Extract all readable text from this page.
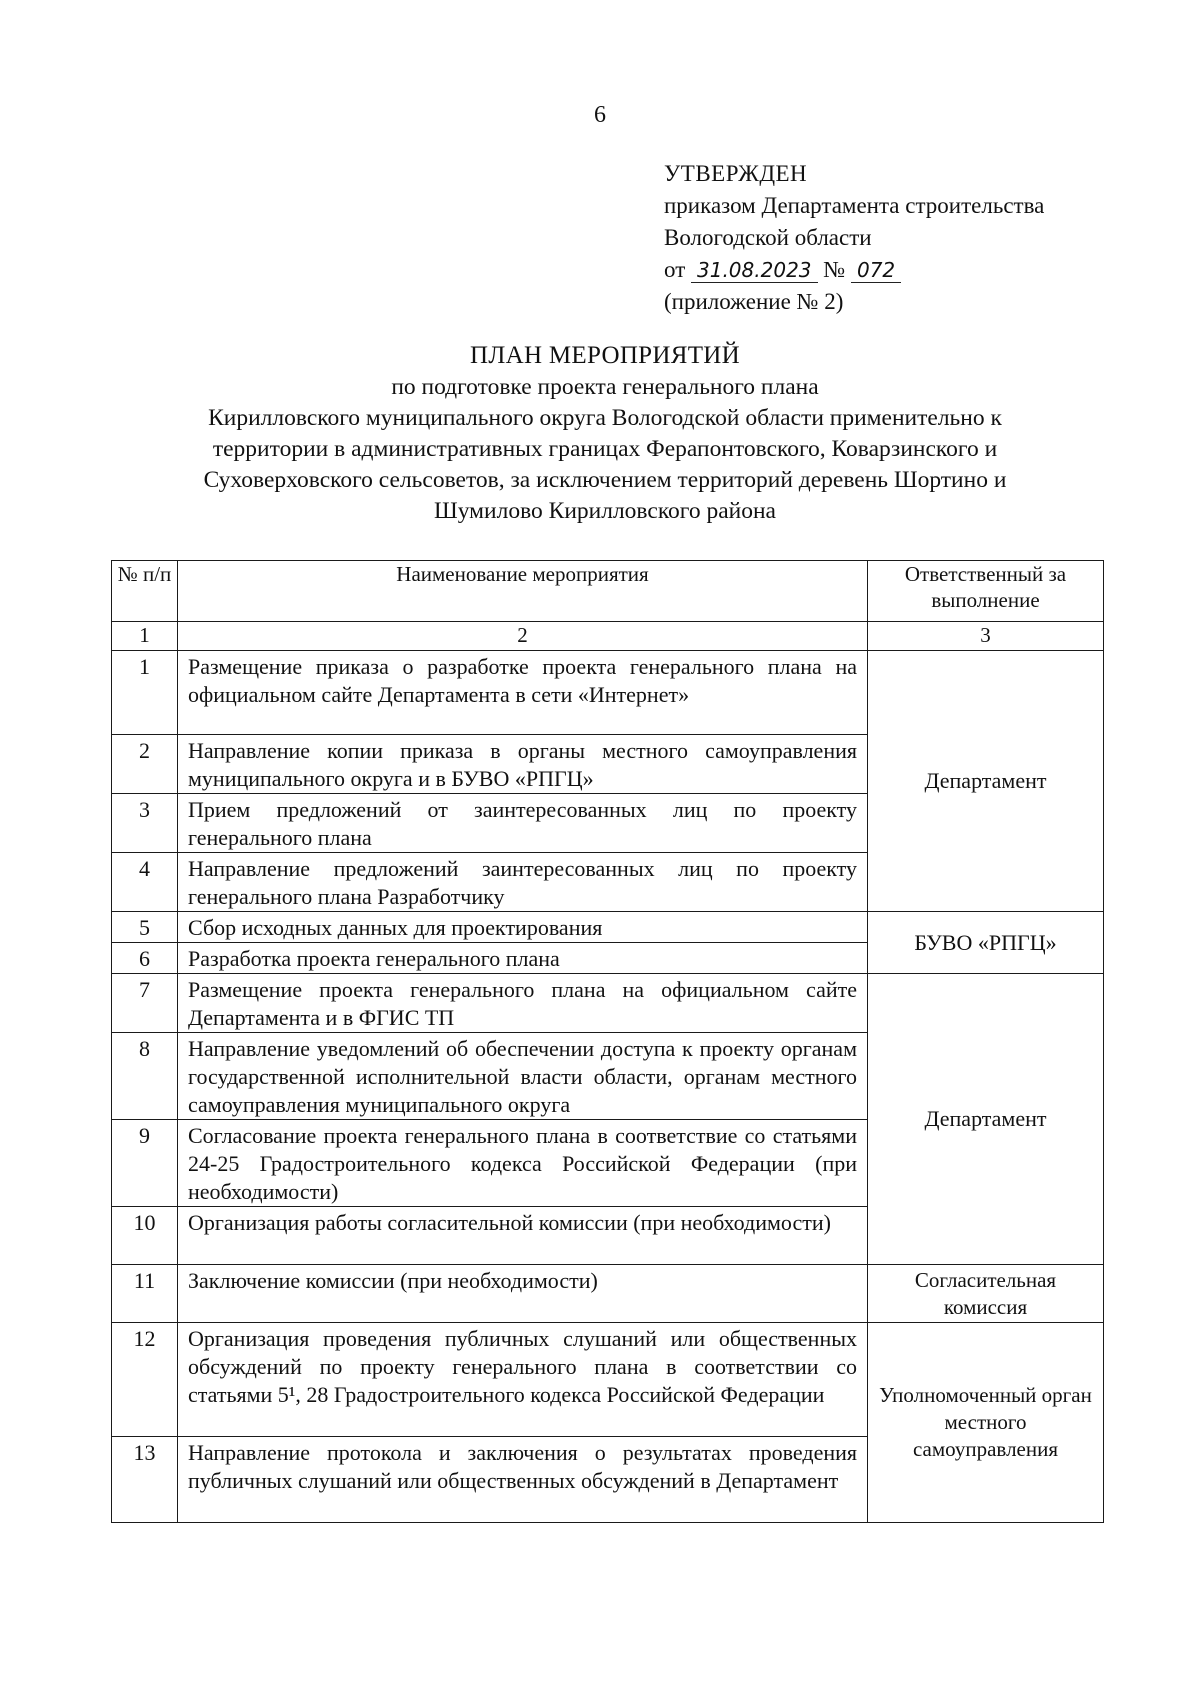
6
УТВЕРЖДЕН
приказом Департамента строительства
Вологодской области
от 31.08.2023 № 072
(приложение № 2)
ПЛАН МЕРОПРИЯТИЙ
по подготовке проекта генерального плана
Кирилловского муниципального округа Вологодской области применительно к
территории в административных границах Ферапонтовского, Коварзинского и
Суховерховского сельсоветов, за исключением территорий деревень Шортино и
Шумилово Кирилловского района
№ п/п	Наименование мероприятия	Ответственный за выполнение
1	2	3
1	Размещение приказа о разработке проекта генерального плана на официальном сайте Департамента в сети «Интернет»	Департамент
2	Направление копии приказа в органы местного самоуправления муниципального округа и в БУВО «РПГЦ»	
3	Прием предложений от заинтересованных лиц по проекту генерального плана	
4	Направление предложений заинтересованных лиц по проекту генерального плана Разработчику	
5	Сбор исходных данных для проектирования	БУВО «РПГЦ»
6	Разработка проекта генерального плана	
7	Размещение проекта генерального плана на официальном сайте Департамента и в ФГИС ТП	Департамент
8	Направление уведомлений об обеспечении доступа к проекту органам государственной исполнительной власти области, органам местного самоуправления муниципального округа	
9	Согласование проекта генерального плана в соответствие со статьями 24-25 Градостроительного кодекса Российской Федерации (при необходимости)	
10	Организация работы согласительной комиссии (при необходимости)	
11	Заключение комиссии (при необходимости)	Согласительная комиссия
12	Организация проведения публичных слушаний или общественных обсуждений по проекту генерального плана в соответствии со статьями 5¹, 28 Градостроительного кодекса Российской Федерации	Уполномоченный орган местного самоуправления
13	Направление протокола и заключения о результатах проведения публичных слушаний или общественных обсуждений в Департамент	
